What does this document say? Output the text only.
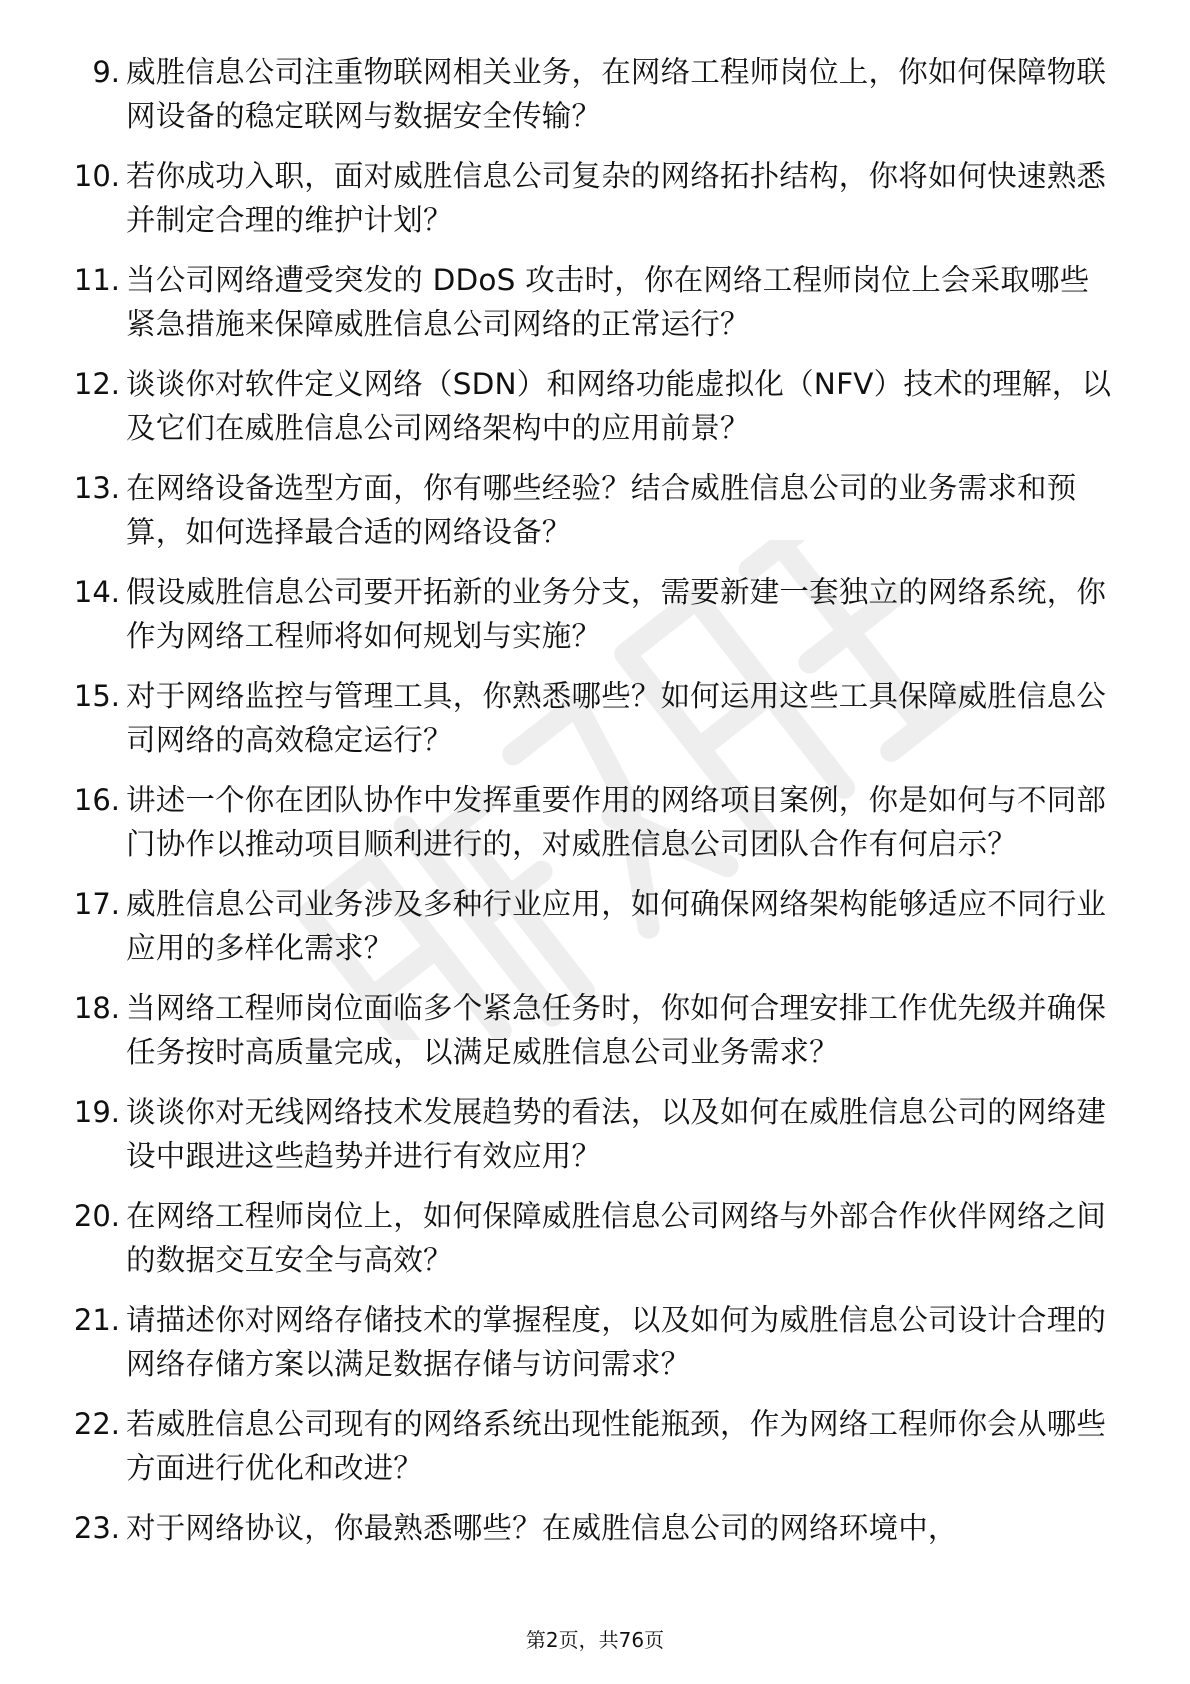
9. 威胜信息公司注重物联网相关业务，在网络工程师岗位上，你如何保障物联网设备的稳定联网与数据安全传输？
10. 若你成功入职，面对威胜信息公司复杂的网络拓扑结构，你将如何快速熟悉并制定合理的维护计划？
11. 当公司网络遭受突发的 DDoS 攻击时，你在网络工程师岗位上会采取哪些紧急措施来保障威胜信息公司网络的正常运行？
12. 谈谈你对软件定义网络（SDN）和网络功能虚拟化（NFV）技术的理解，以及它们在威胜信息公司网络架构中的应用前景？
13. 在网络设备选型方面，你有哪些经验？结合威胜信息公司的业务需求和预算，如何选择最合适的网络设备？
14. 假设威胜信息公司要开拓新的业务分支，需要新建一套独立的网络系统，你作为网络工程师将如何规划与实施？
15. 对于网络监控与管理工具，你熟悉哪些？如何运用这些工具保障威胜信息公司网络的高效稳定运行？
16. 讲述一个你在团队协作中发挥重要作用的网络项目案例，你是如何与不同部门协作以推动项目顺利进行的，对威胜信息公司团队合作有何启示？
17. 威胜信息公司业务涉及多种行业应用，如何确保网络架构能够适应不同行业应用的多样化需求？
18. 当网络工程师岗位面临多个紧急任务时，你如何合理安排工作优先级并确保任务按时高质量完成，以满足威胜信息公司业务需求？
19. 谈谈你对无线网络技术发展趋势的看法，以及如何在威胜信息公司的网络建设中跟进这些趋势并进行有效应用？
20. 在网络工程师岗位上，如何保障威胜信息公司网络与外部合作伙伴网络之间的数据交互安全与高效？
21. 请描述你对网络存储技术的掌握程度，以及如何为威胜信息公司设计合理的网络存储方案以满足数据存储与访问需求？
22. 若威胜信息公司现有的网络系统出现性能瓶颈，作为网络工程师你会从哪些方面进行优化和改进？
23. 对于网络协议，你最熟悉哪些？在威胜信息公司的网络环境中，
第2页，共76页
